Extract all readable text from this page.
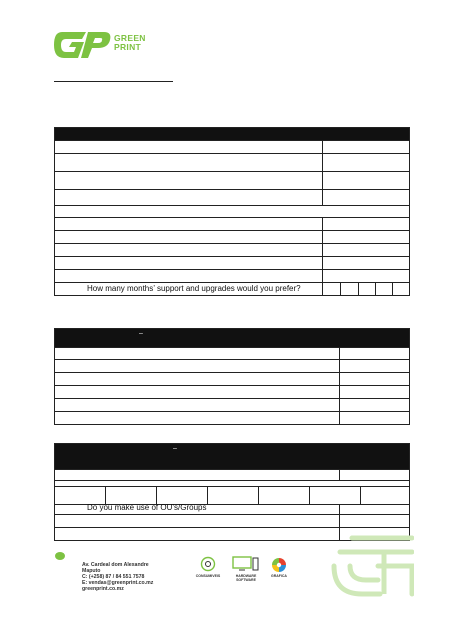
GREEN
PRINT
How many months’ support and upgrades would you prefer?
–
–
Do you make use of OU’s/Groups
Av. Cardeal dom Alexandre
Maputo
C: (+258) 87 / 84 551 7578
E: vendas@greenprint.co.mz
greenprint.co.mz
CONSUMIVEIS	HARDWARE
SOFTWARE
GRAFICA
